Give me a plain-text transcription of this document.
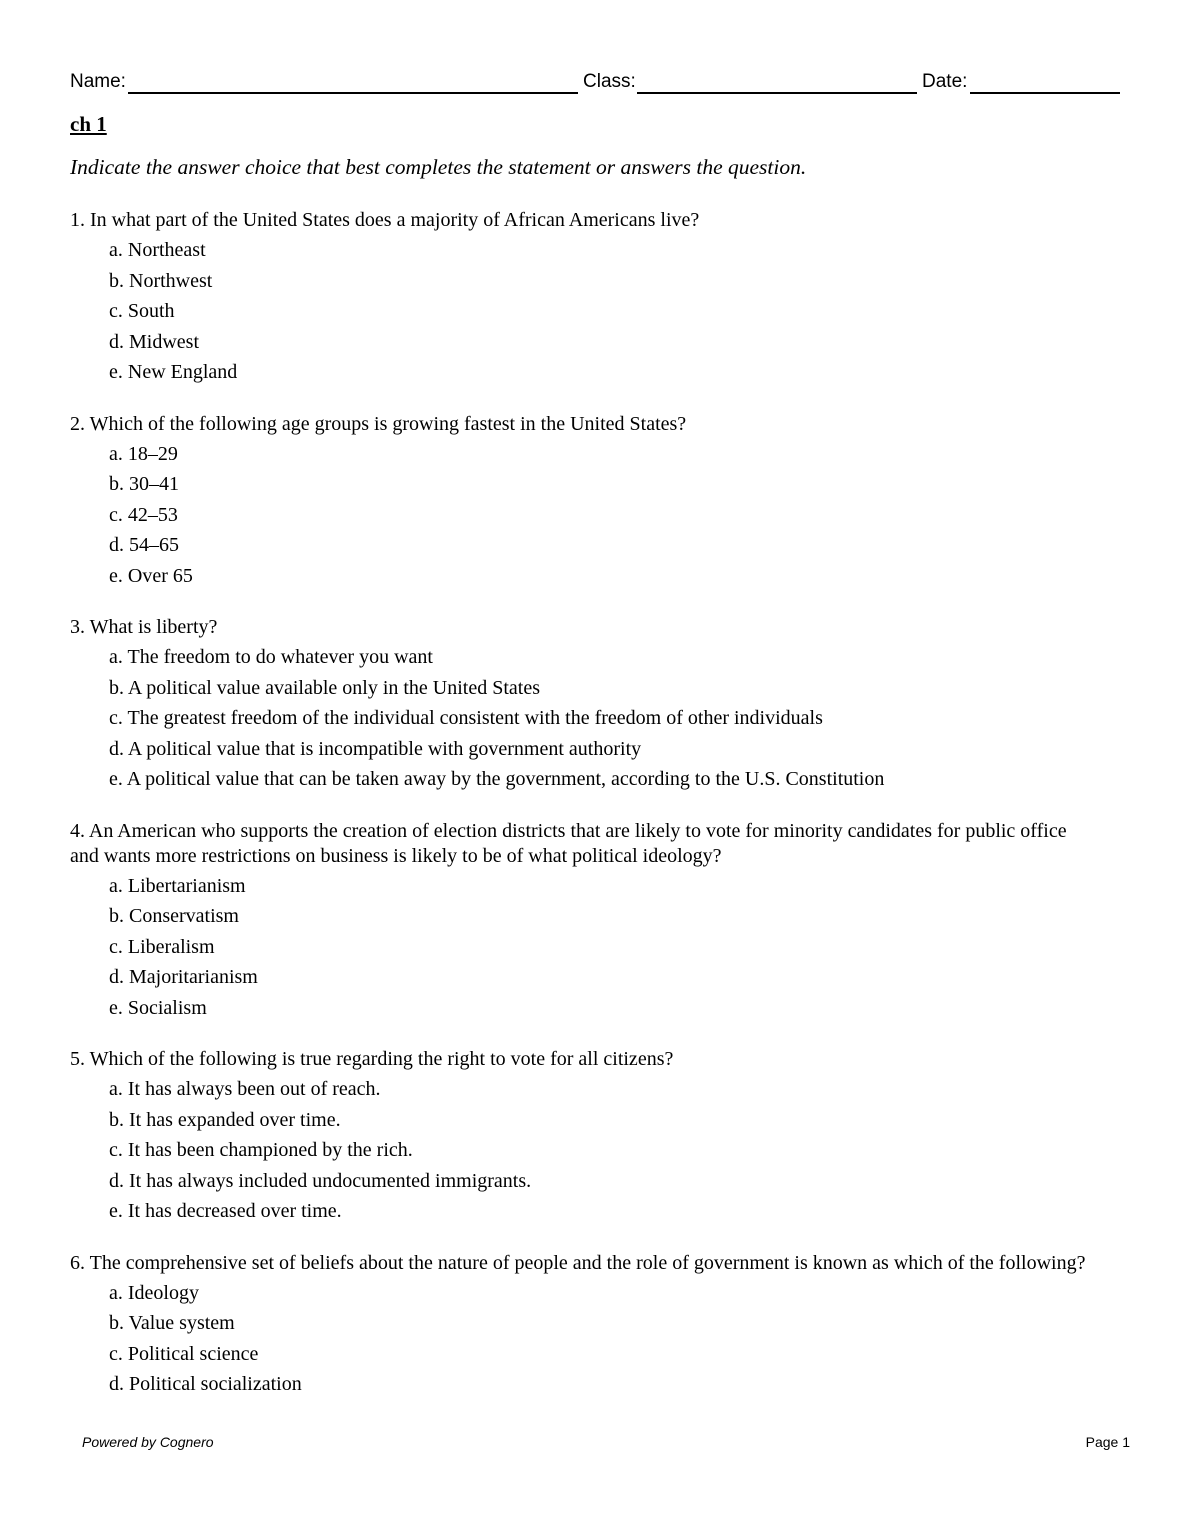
Name:	Class:	Date:
ch 1
Indicate the answer choice that best completes the statement or answers the question.
1. In what part of the United States does a majority of African Americans live?
a. Northeast
b. Northwest
c. South
d. Midwest
e. New England
2. Which of the following age groups is growing fastest in the United States?
a. 18–29
b. 30–41
c. 42–53
d. 54–65
e. Over 65
3. What is liberty?
a. The freedom to do whatever you want
b. A political value available only in the United States
c. The greatest freedom of the individual consistent with the freedom of other individuals
d. A political value that is incompatible with government authority
e. A political value that can be taken away by the government, according to the U.S. Constitution
4. An American who supports the creation of election districts that are likely to vote for minority candidates for public office and wants more restrictions on business is likely to be of what political ideology?
a. Libertarianism
b. Conservatism
c. Liberalism
d. Majoritarianism
e. Socialism
5. Which of the following is true regarding the right to vote for all citizens?
a. It has always been out of reach.
b. It has expanded over time.
c. It has been championed by the rich.
d. It has always included undocumented immigrants.
e. It has decreased over time.
6. The comprehensive set of beliefs about the nature of people and the role of government is known as which of the following?
a. Ideology
b. Value system
c. Political science
d. Political socialization
Powered by Cognero	Page 1
